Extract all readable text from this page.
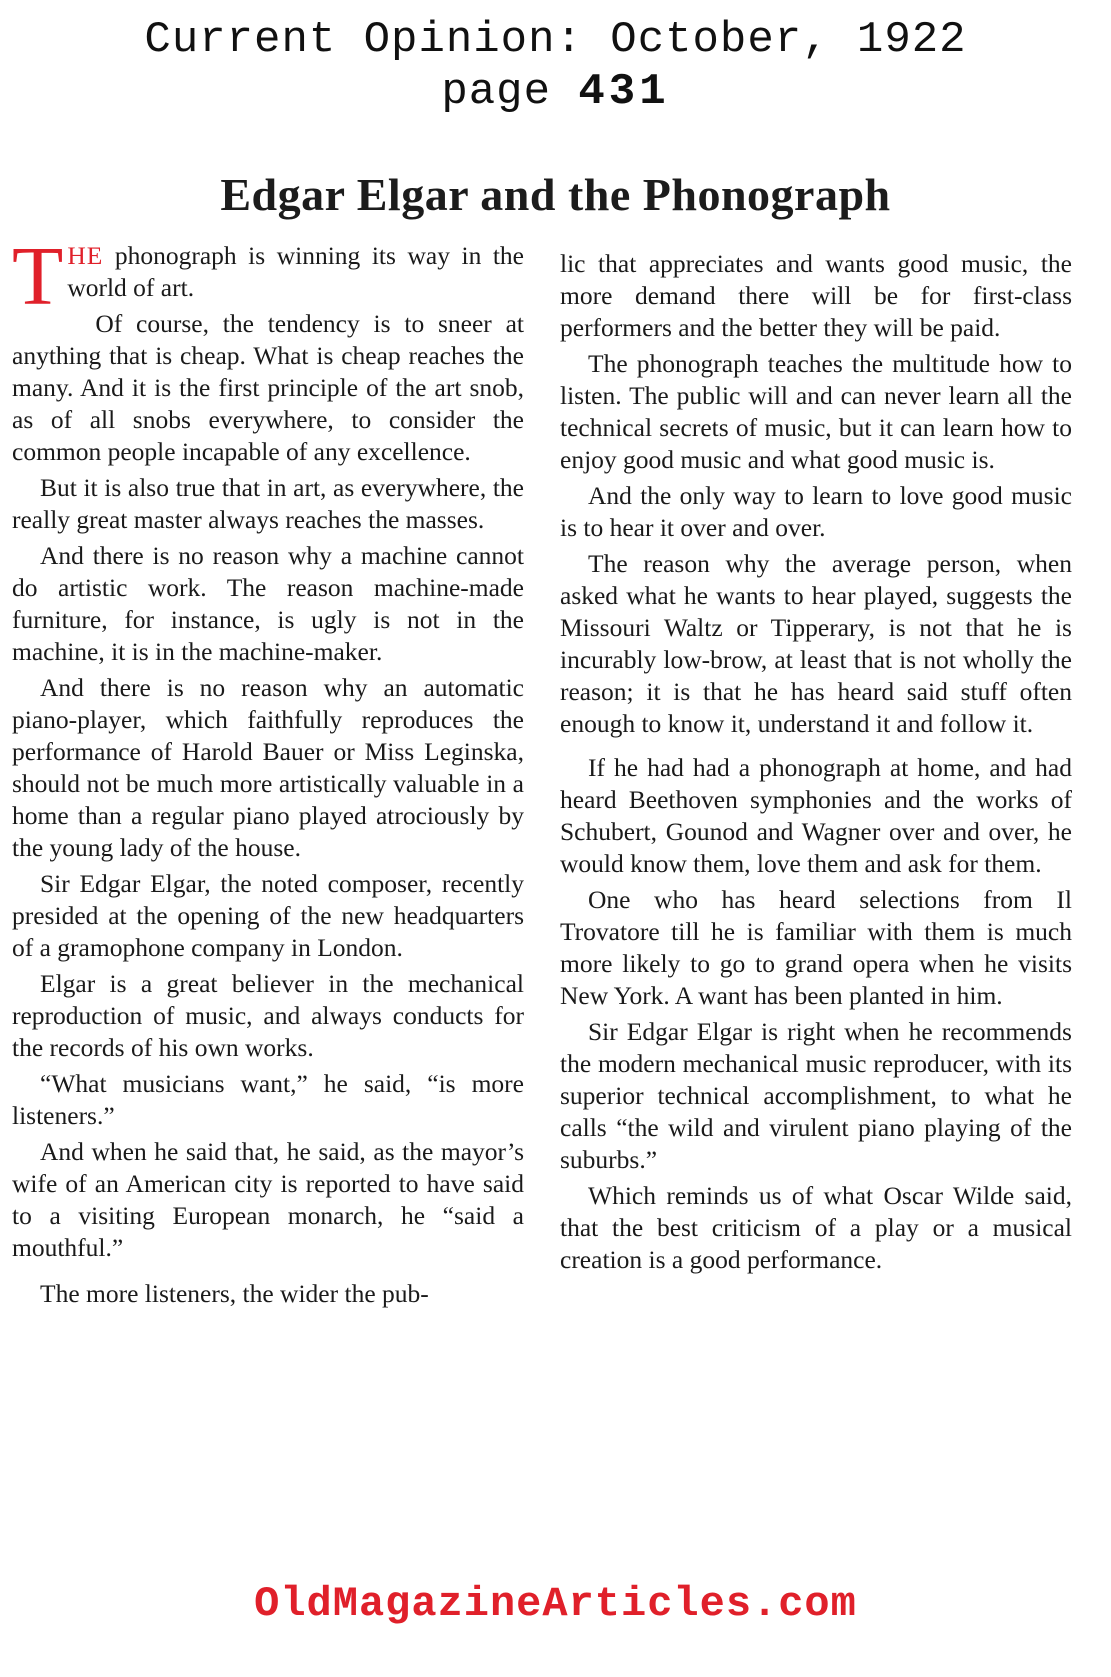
Current Opinion: October, 1922
page 431
Edgar Elgar and the Phonograph

THE phonograph is winning its way in the world of art.

Of course, the tendency is to sneer at anything that is cheap. What is cheap reaches the many. And it is the first principle of the art snob, as of all snobs everywhere, to consider the common people incapable of any excellence.

But it is also true that in art, as everywhere, the really great master always reaches the masses.

And there is no reason why a machine cannot do artistic work. The reason machine-made furniture, for instance, is ugly is not in the machine, it is in the machine-maker.

And there is no reason why an automatic piano-player, which faithfully reproduces the performance of Harold Bauer or Miss Leginska, should not be much more artistically valuable in a home than a regular piano played atrociously by the young lady of the house.

Sir Edgar Elgar, the noted composer, recently presided at the opening of the new headquarters of a gramophone company in London.

Elgar is a great believer in the mechanical reproduction of music, and always conducts for the records of his own works.

“What musicians want,” he said, “is more listeners.”

And when he said that, he said, as the mayor’s wife of an American city is reported to have said to a visiting European monarch, he “said a mouthful.”

The more listeners, the wider the pub-

lic that appreciates and wants good music, the more demand there will be for first-class performers and the better they will be paid.

The phonograph teaches the multitude how to listen. The public will and can never learn all the technical secrets of music, but it can learn how to enjoy good music and what good music is.

And the only way to learn to love good music is to hear it over and over.

The reason why the average person, when asked what he wants to hear played, suggests the Missouri Waltz or Tipperary, is not that he is incurably low-brow, at least that is not wholly the reason; it is that he has heard said stuff often enough to know it, understand it and follow it.

If he had had a phonograph at home, and had heard Beethoven symphonies and the works of Schubert, Gounod and Wagner over and over, he would know them, love them and ask for them.

One who has heard selections from Il Trovatore till he is familiar with them is much more likely to go to grand opera when he visits New York. A want has been planted in him.

Sir Edgar Elgar is right when he recommends the modern mechanical music reproducer, with its superior technical accomplishment, to what he calls “the wild and virulent piano playing of the suburbs.”

Which reminds us of what Oscar Wilde said, that the best criticism of a play or a musical creation is a good performance.

OldMagazineArticles.com
